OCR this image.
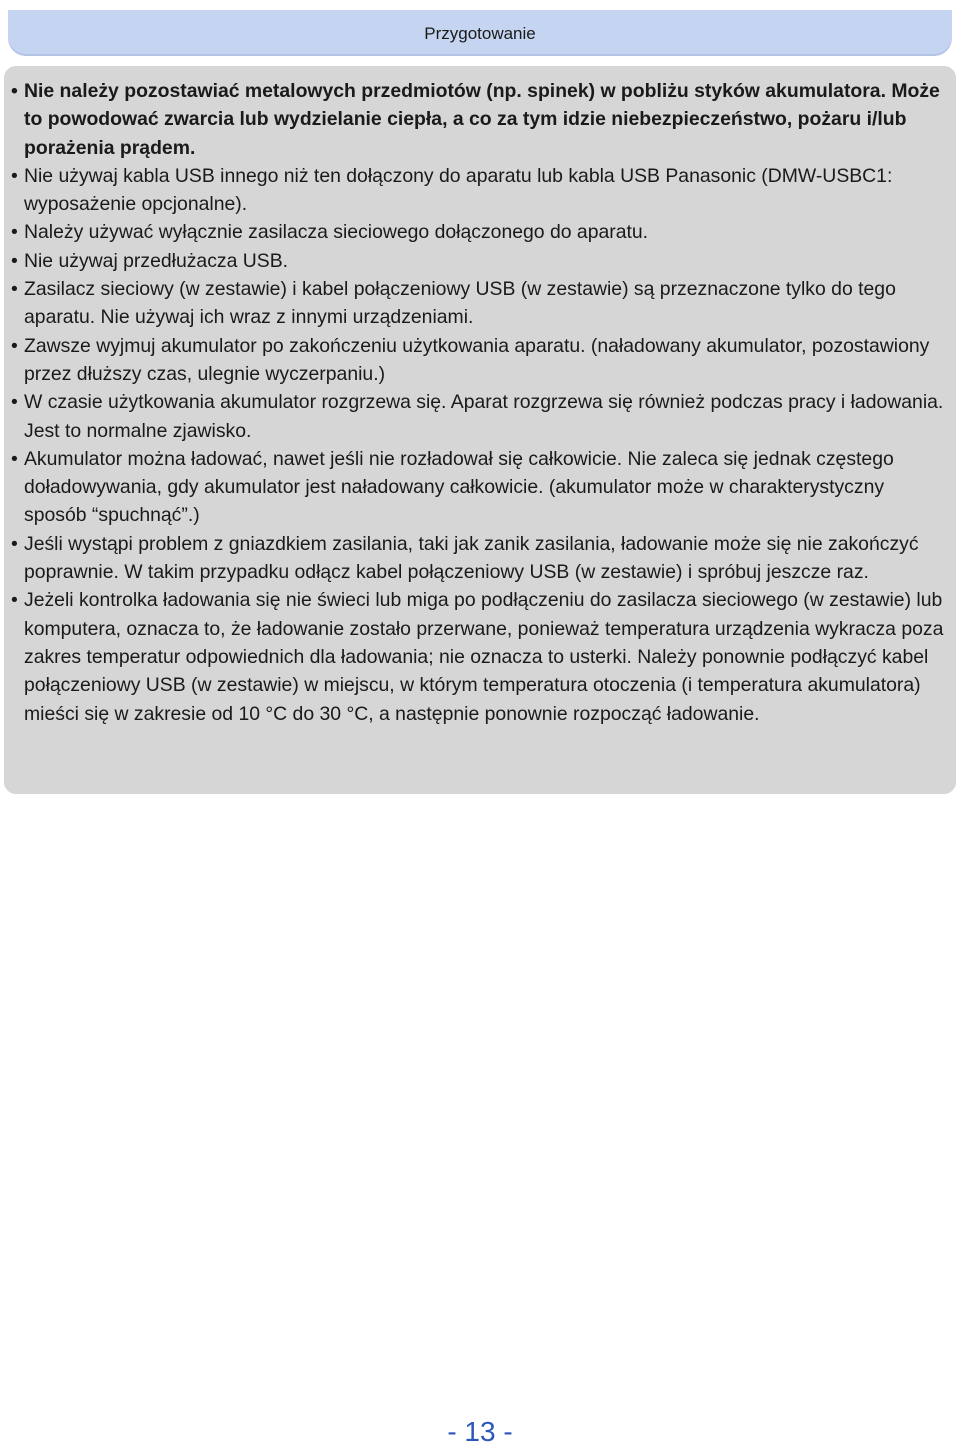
Przygotowanie
• Nie należy pozostawiać metalowych przedmiotów (np. spinek) w pobliżu styków akumulatora. Może to powodować zwarcia lub wydzielanie ciepła, a co za tym idzie niebezpieczeństwo, pożaru i/lub porażenia prądem.
• Nie używaj kabla USB innego niż ten dołączony do aparatu lub kabla USB Panasonic (DMW-USBC1: wyposażenie opcjonalne).
• Należy używać wyłącznie zasilacza sieciowego dołączonego do aparatu.
• Nie używaj przedłużacza USB.
• Zasilacz sieciowy (w zestawie) i kabel połączeniowy USB (w zestawie) są przeznaczone tylko do tego aparatu. Nie używaj ich wraz z innymi urządzeniami.
• Zawsze wyjmuj akumulator po zakończeniu użytkowania aparatu. (naładowany akumulator, pozostawiony przez dłuższy czas, ulegnie wyczerpaniu.)
• W czasie użytkowania akumulator rozgrzewa się. Aparat rozgrzewa się również podczas pracy i ładowania. Jest to normalne zjawisko.
• Akumulator można ładować, nawet jeśli nie rozładował się całkowicie. Nie zaleca się jednak częstego doładowywania, gdy akumulator jest naładowany całkowicie. (akumulator może w charakterystyczny sposób “spuchnąć”.)
• Jeśli wystąpi problem z gniazdkiem zasilania, taki jak zanik zasilania, ładowanie może się nie zakończyć poprawnie. W takim przypadku odłącz kabel połączeniowy USB (w zestawie) i spróbuj jeszcze raz.
• Jeżeli kontrolka ładowania się nie świeci lub miga po podłączeniu do zasilacza sieciowego (w zestawie) lub komputera, oznacza to, że ładowanie zostało przerwane, ponieważ temperatura urządzenia wykracza poza zakres temperatur odpowiednich dla ładowania; nie oznacza to usterki. Należy ponownie podłączyć kabel połączeniowy USB (w zestawie) w miejscu, w którym temperatura otoczenia (i temperatura akumulatora) mieści się w zakresie od 10 °C do 30 °C, a następnie ponownie rozpocząć ładowanie.
- 13 -
